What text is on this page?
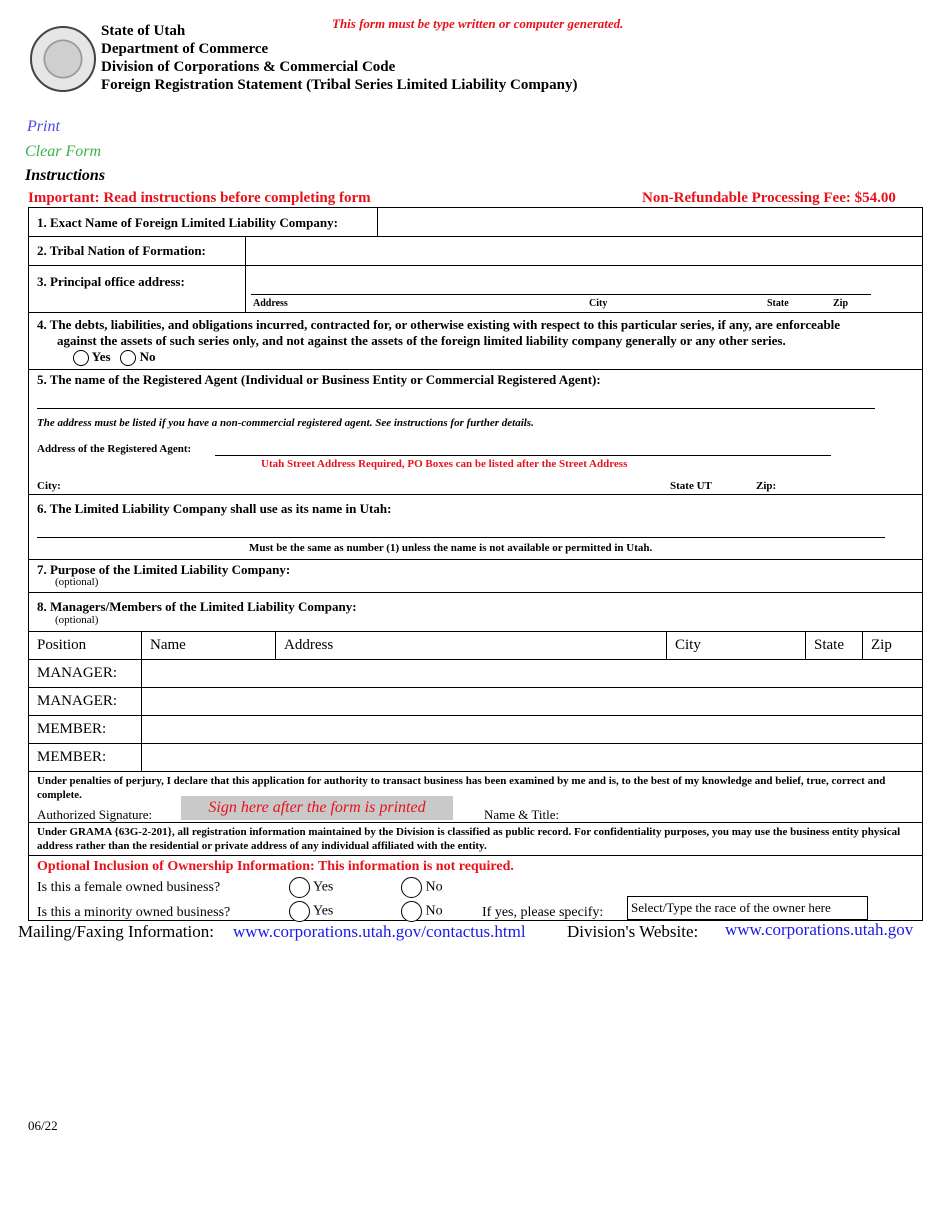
This form must be type written or computer generated.
State of Utah
Department of Commerce
Division of Corporations & Commercial Code
Foreign Registration Statement (Tribal Series Limited Liability Company)
Print
Clear Form
Instructions
Important: Read instructions before completing form	Non-Refundable Processing Fee: $54.00
1. Exact Name of Foreign Limited Liability Company:
2. Tribal Nation of Formation:
3. Principal office address:
Address	City	State	Zip
4. The debts, liabilities, and obligations incurred, contracted for, or otherwise existing with respect to this particular series, if any, are enforceable
against the assets of such series only, and not against the assets of the foreign limited liability company generally or any other series.
Yes No
5. The name of the Registered Agent (Individual or Business Entity or Commercial Registered Agent):
The address must be listed if you have a non-commercial registered agent. See instructions for further details.
Address of the Registered Agent:
Utah Street Address Required, PO Boxes can be listed after the Street Address
City:	State UT	Zip:
6. The Limited Liability Company shall use as its name in Utah:
Must be the same as number (1) unless the name is not available or permitted in Utah.
7. Purpose of the Limited Liability Company:
(optional)
8. Managers/Members of the Limited Liability Company:
(optional)
Position	Name	Address	City	State	Zip
MANAGER:					
MANAGER:					
MEMBER:					
MEMBER:					
Under penalties of perjury, I declare that this application for authority to transact business has been examined by me and is, to the best of my knowledge and belief, true, correct and complete.
Authorized Signature:	Sign here after the form is printed	Name & Title:
Under GRAMA {63G-2-201}, all registration information maintained by the Division is classified as public record. For confidentiality purposes, you may use the business entity physical address rather than the residential or private address of any individual affiliated with the entity.
Optional Inclusion of Ownership Information: This information is not required.
Is this a female owned business?	Yes	No
Is this a minority owned business?	Yes	No	If yes, please specify:	Select/Type the race of the owner here
Mailing/Faxing Information: www.corporations.utah.gov/contactus.html Division's Website: www.corporations.utah.gov
06/22
